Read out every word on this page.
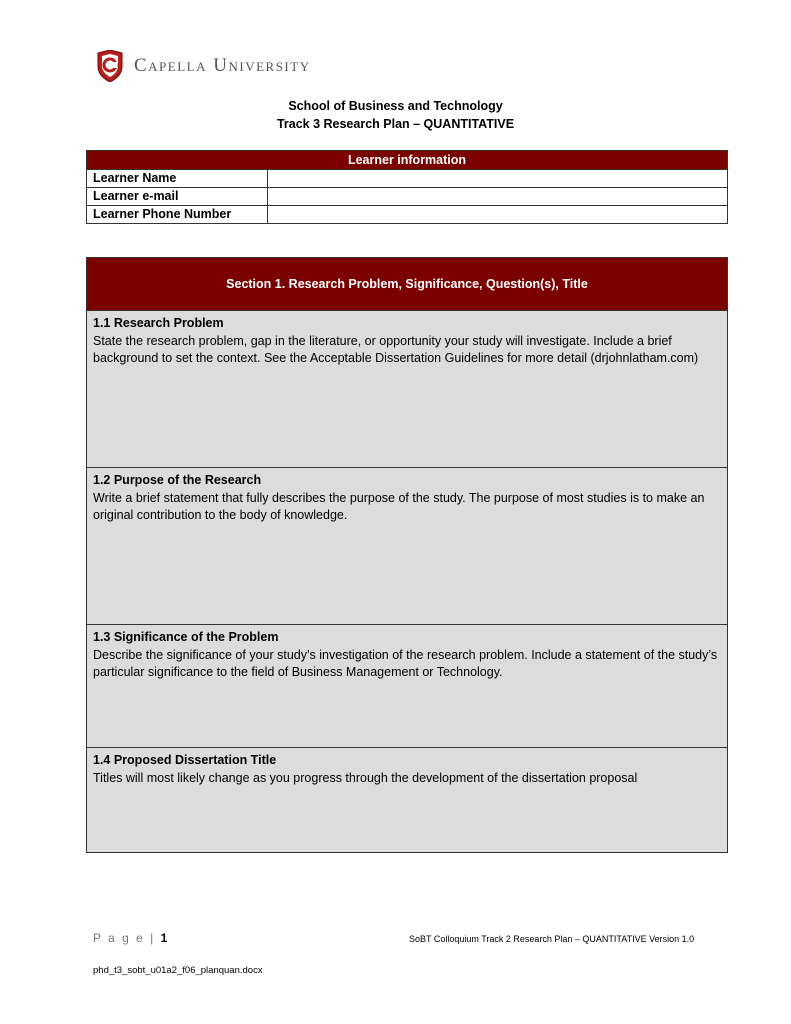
Capella University
School of Business and Technology
Track 3 Research Plan – QUANTITATIVE
Learner information	
Learner Name	
Learner e-mail	
Learner Phone Number	
Section 1. Research Problem, Significance, Question(s), Title

1.1 Research Problem
State the research problem, gap in the literature, or opportunity your study will investigate. Include a brief background to set the context. See the Acceptable Dissertation Guidelines for more detail (drjohnlatham.com)

1.2 Purpose of the Research
Write a brief statement that fully describes the purpose of the study. The purpose of most studies is to make an original contribution to the body of knowledge.

1.3 Significance of the Problem
Describe the significance of your study’s investigation of the research problem. Include a statement of the study’s particular significance to the field of Business Management or Technology.

1.4 Proposed Dissertation Title
Titles will most likely change as you progress through the development of the dissertation proposal
P a g e | 1	SoBT Colloquium Track 2 Research Plan – QUANTITATIVE Version 1.0
phd_t3_sobt_u01a2_f06_planquan.docx
